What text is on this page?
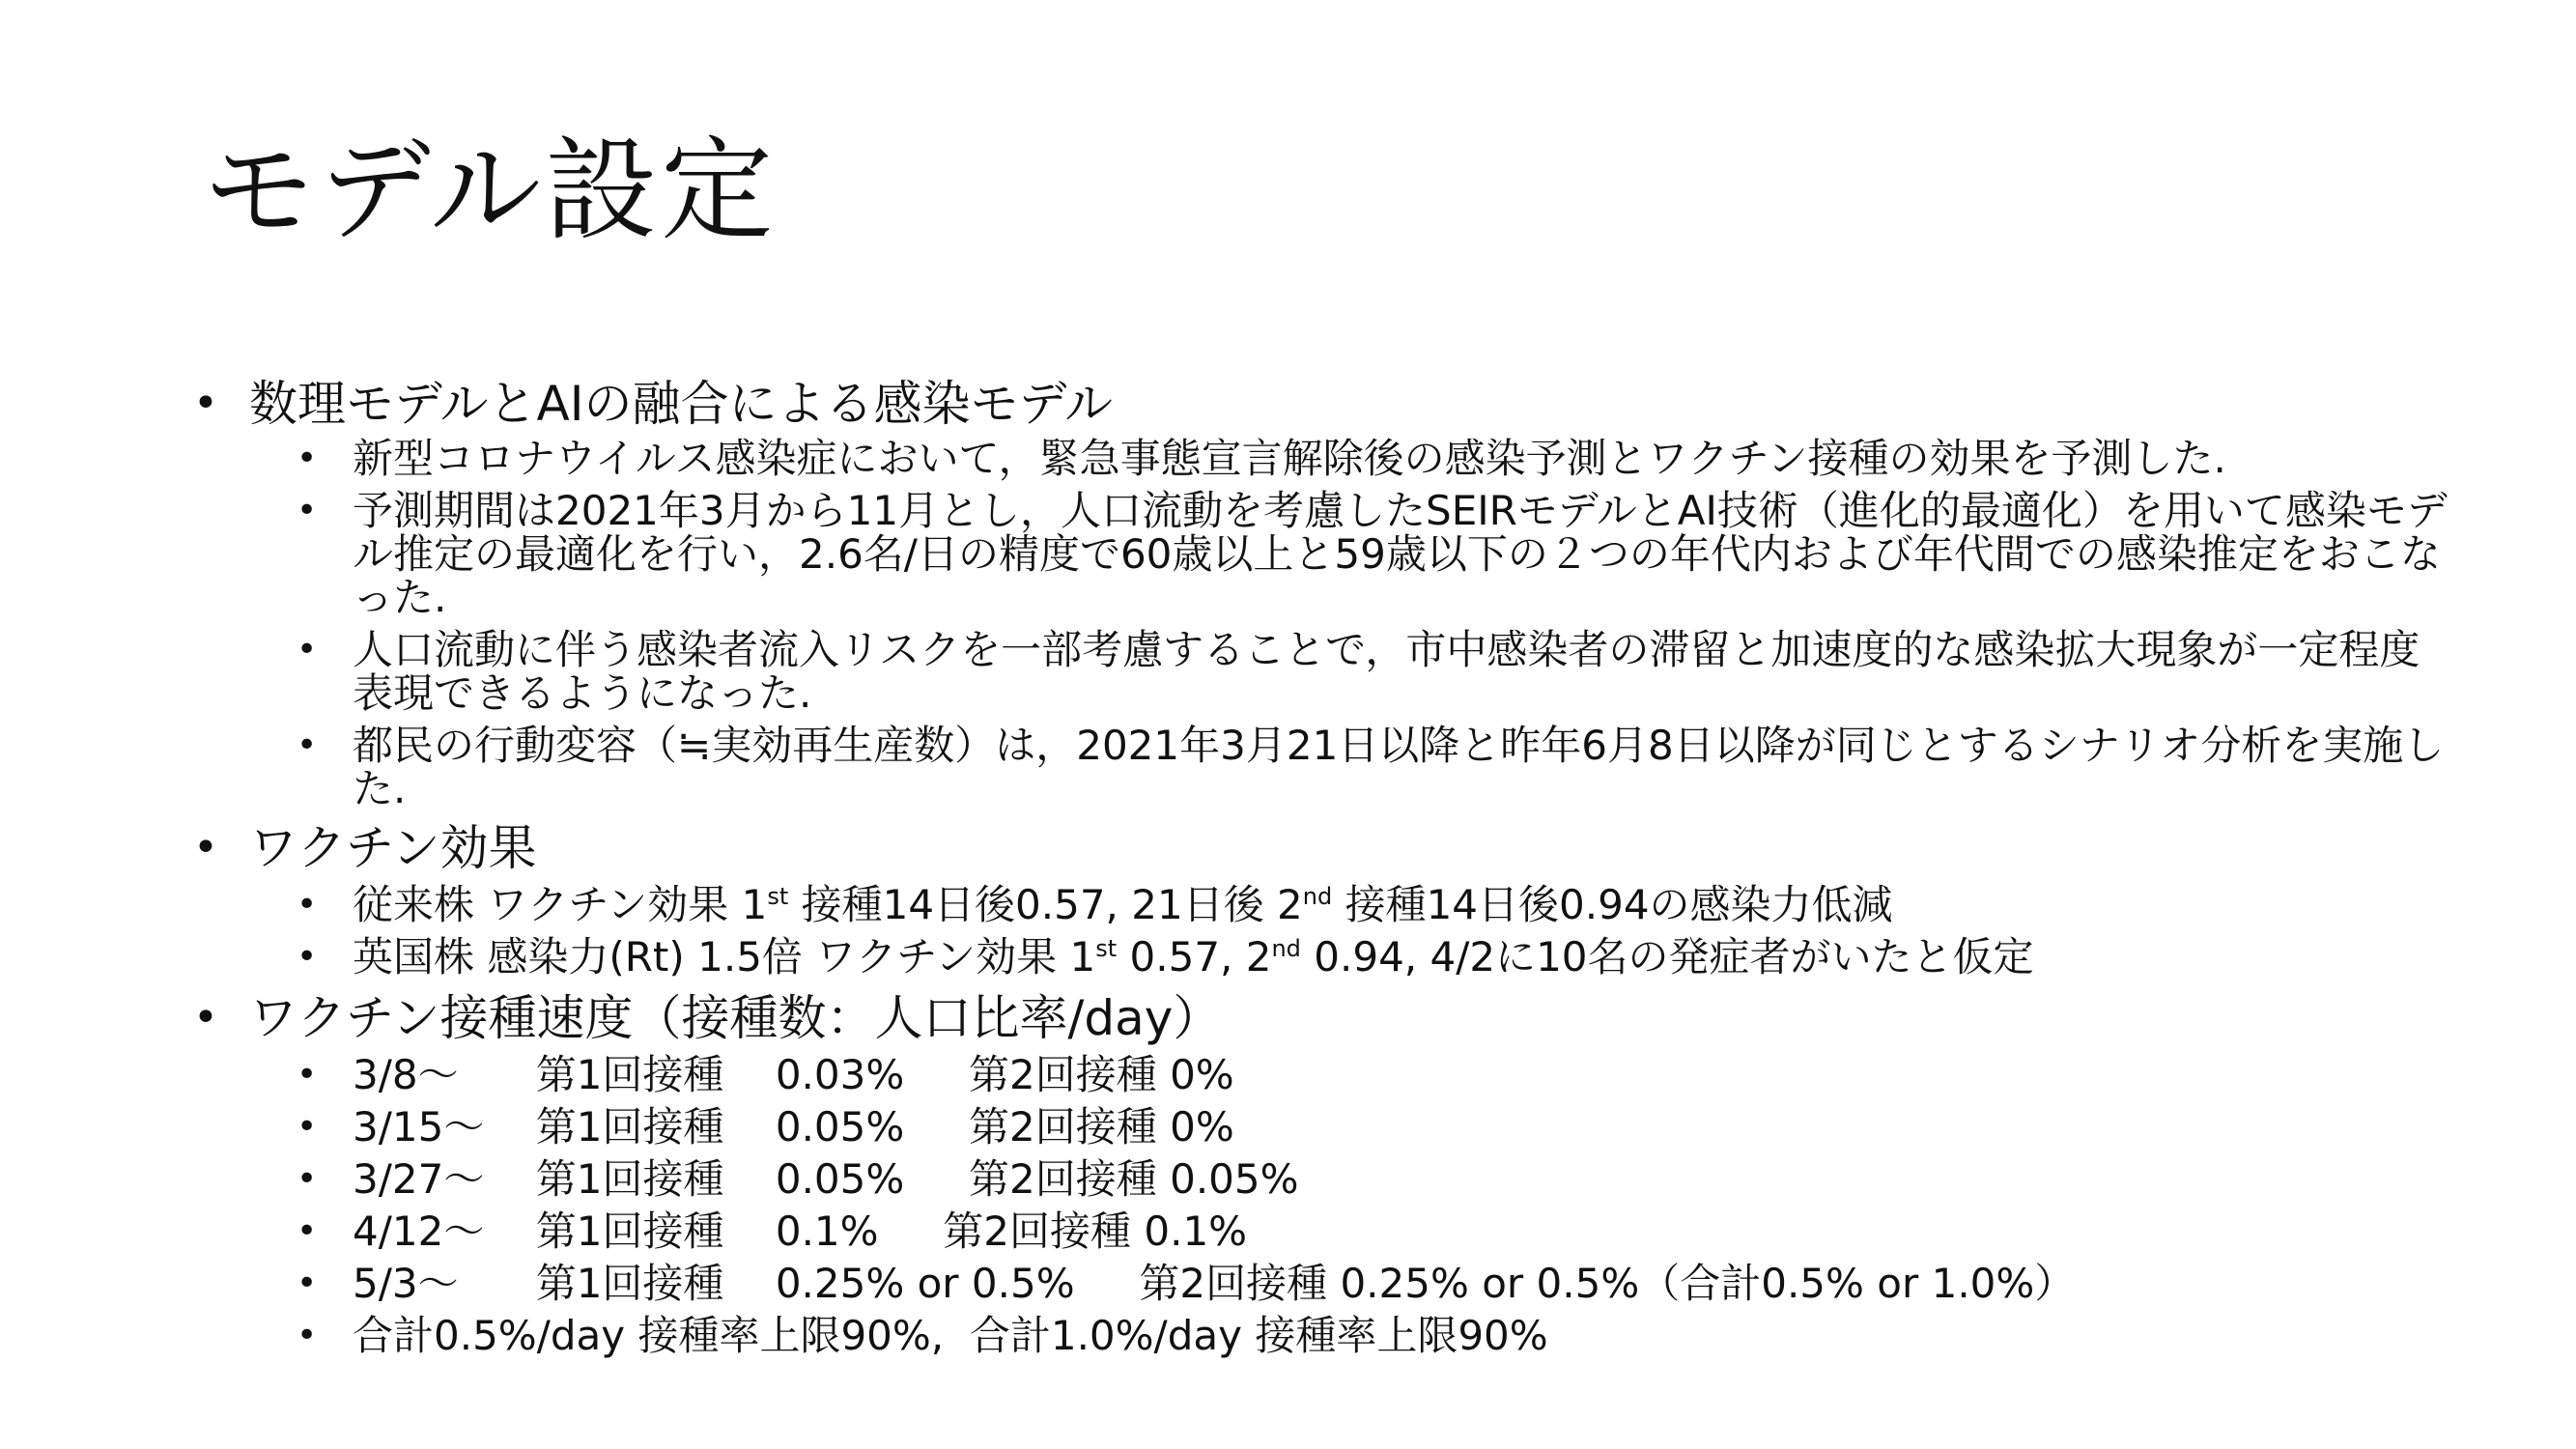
モデル設定
• 数理モデルとAIの融合による感染モデル
• 新型コロナウイルス感染症において，緊急事態宣言解除後の感染予測とワクチン接種の効果を予測した.
• 予測期間は2021年3月から11月とし，人口流動を考慮したSEIRモデルとAI技術（進化的最適化）を用いて感染モデル推定の最適化を行い，2.6名/日の精度で60歳以上と59歳以下の２つの年代内および年代間での感染推定をおこなった.
• 人口流動に伴う感染者流入リスクを一部考慮することで，市中感染者の滞留と加速度的な感染拡大現象が一定程度表現できるようになった.
• 都民の行動変容（≒実効再生産数）は，2021年3月21日以降と昨年6月8日以降が同じとするシナリオ分析を実施した.
• ワクチン効果
• 従来株 ワクチン効果 1st 接種14日後0.57, 21日後 2nd 接種14日後0.94の感染力低減
• 英国株 感染力(Rt) 1.5倍 ワクチン効果 1st 0.57, 2nd 0.94, 4/2に10名の発症者がいたと仮定
• ワクチン接種速度（接種数：人口比率/day）
• 3/8～      第1回接種    0.03%     第2回接種 0%
• 3/15～    第1回接種    0.05%     第2回接種 0%
• 3/27～    第1回接種    0.05%     第2回接種 0.05%
• 4/12～    第1回接種    0.1%     第2回接種 0.1%
• 5/3～      第1回接種    0.25% or 0.5%     第2回接種 0.25% or 0.5%（合計0.5% or 1.0%）
• 合計0.5%/day 接種率上限90%,  合計1.0%/day 接種率上限90%
